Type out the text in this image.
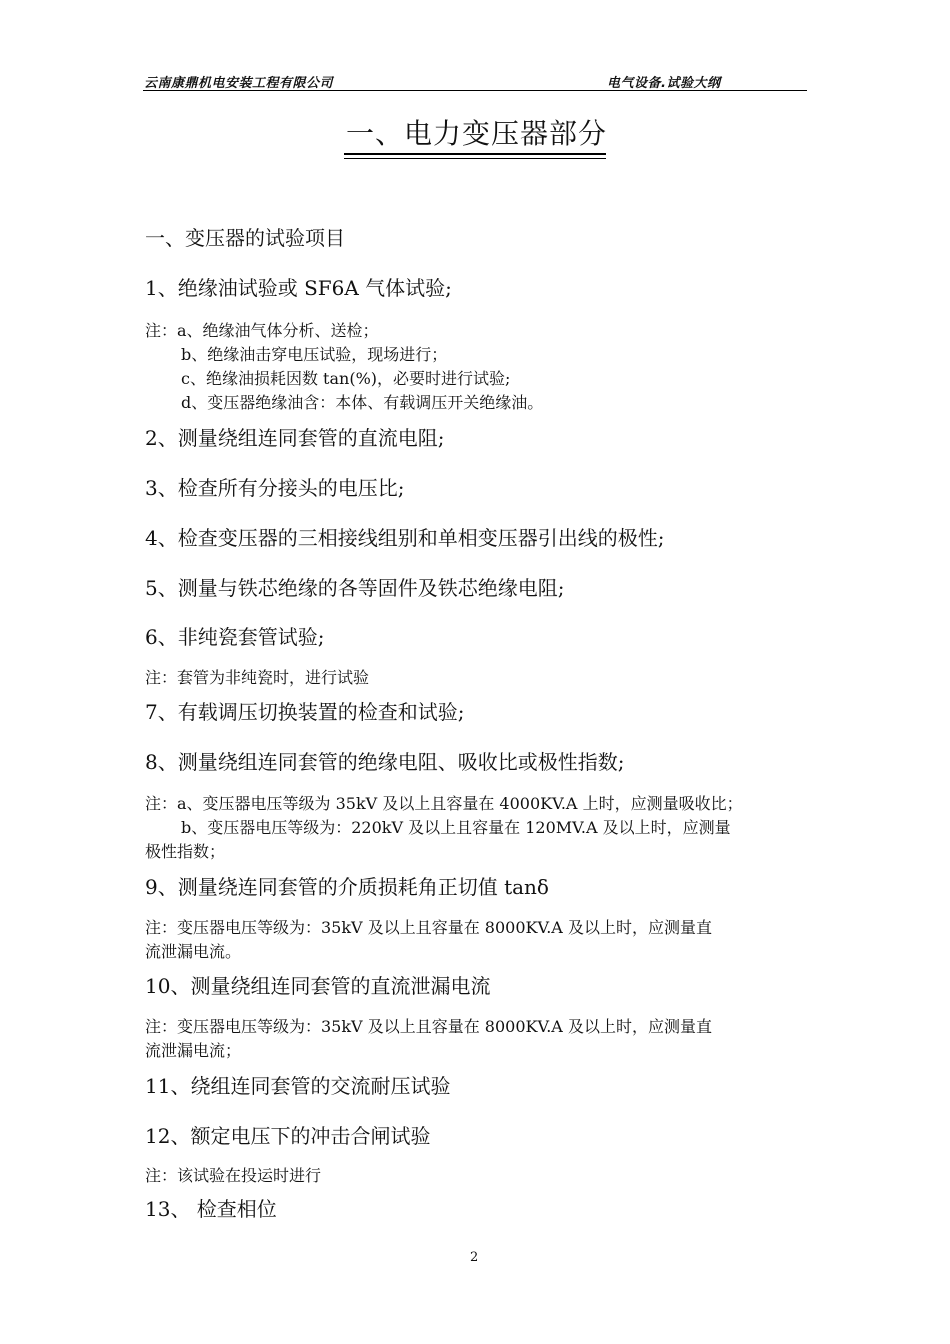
云南康鼎机电安装工程有限公司	电气设备.试验大纲
一、电力变压器部分
一、变压器的试验项目
1、绝缘油试验或 SF6A 气体试验;
注：a、绝缘油气体分析、送检；
b、绝缘油击穿电压试验，现场进行；
c、绝缘油损耗因数 tan(%)，必要时进行试验;
d、变压器绝缘油含：本体、有载调压开关绝缘油。
2、测量绕组连同套管的直流电阻;
3、检查所有分接头的电压比;
4、检查变压器的三相接线组别和单相变压器引出线的极性;
5、测量与铁芯绝缘的各等固件及铁芯绝缘电阻;
6、非纯瓷套管试验;
注：套管为非纯瓷时，进行试验
7、有载调压切换装置的检查和试验;
8、测量绕组连同套管的绝缘电阻、吸收比或极性指数;
注：a、变压器电压等级为 35kV 及以上且容量在 4000KV.A 上时，应测量吸收比；
b、变压器电压等级为：220kV 及以上且容量在 120MV.A 及以上时，应测量
极性指数；
9、测量绕连同套管的介质损耗角正切值 tanδ
注：变压器电压等级为：35kV 及以上且容量在 8000KV.A 及以上时，应测量直
流泄漏电流。
10、测量绕组连同套管的直流泄漏电流
注：变压器电压等级为：35kV 及以上且容量在 8000KV.A 及以上时，应测量直
流泄漏电流；
11、绕组连同套管的交流耐压试验
12、额定电压下的冲击合闸试验
注：该试验在投运时进行
13、 检查相位
2
